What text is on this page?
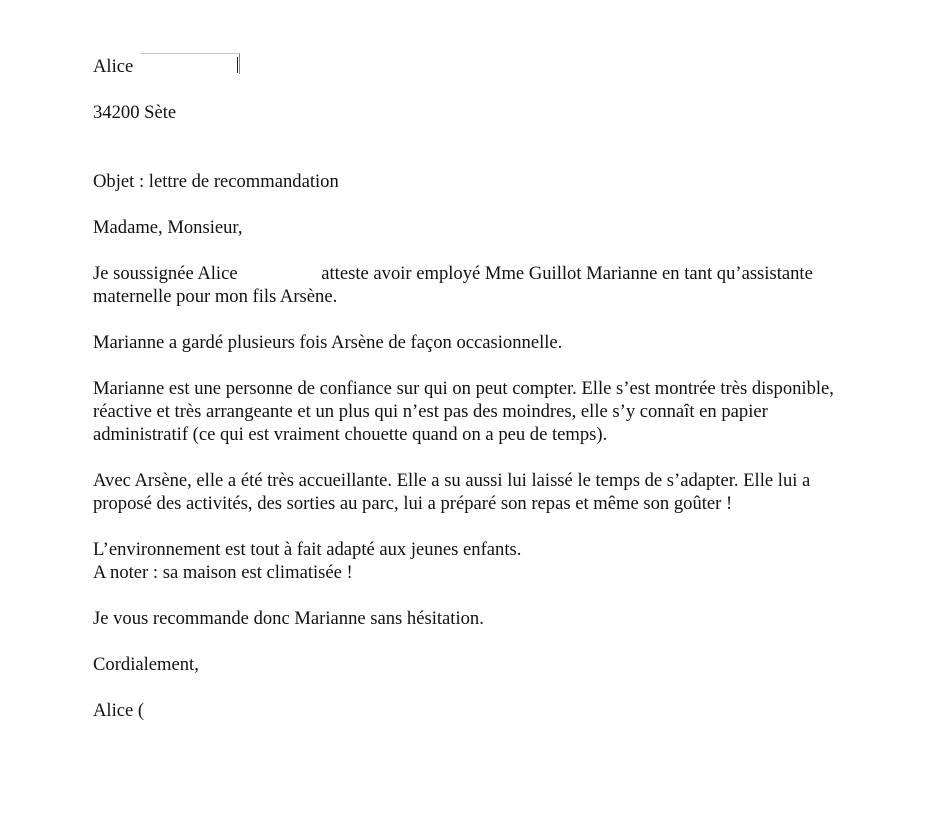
Alice
34200 Sète
Objet : lettre de recommandation
Madame, Monsieur,
Je soussignée Alice                  atteste avoir employé Mme Guillot Marianne en tant qu’assistante
maternelle pour mon fils Arsène.
Marianne a gardé plusieurs fois Arsène de façon occasionnelle.
Marianne est une personne de confiance sur qui on peut compter. Elle s’est montrée très disponible,
réactive et très arrangeante et un plus qui n’est pas des moindres, elle s’y connaît en papier
administratif (ce qui est vraiment chouette quand on a peu de temps).
Avec Arsène, elle a été très accueillante. Elle a su aussi lui laissé le temps de s’adapter. Elle lui a
proposé des activités, des sorties au parc, lui a préparé son repas et même son goûter !
L’environnement est tout à fait adapté aux jeunes enfants.
A noter : sa maison est climatisée !
Je vous recommande donc Marianne sans hésitation.
Cordialement,
Alice (
